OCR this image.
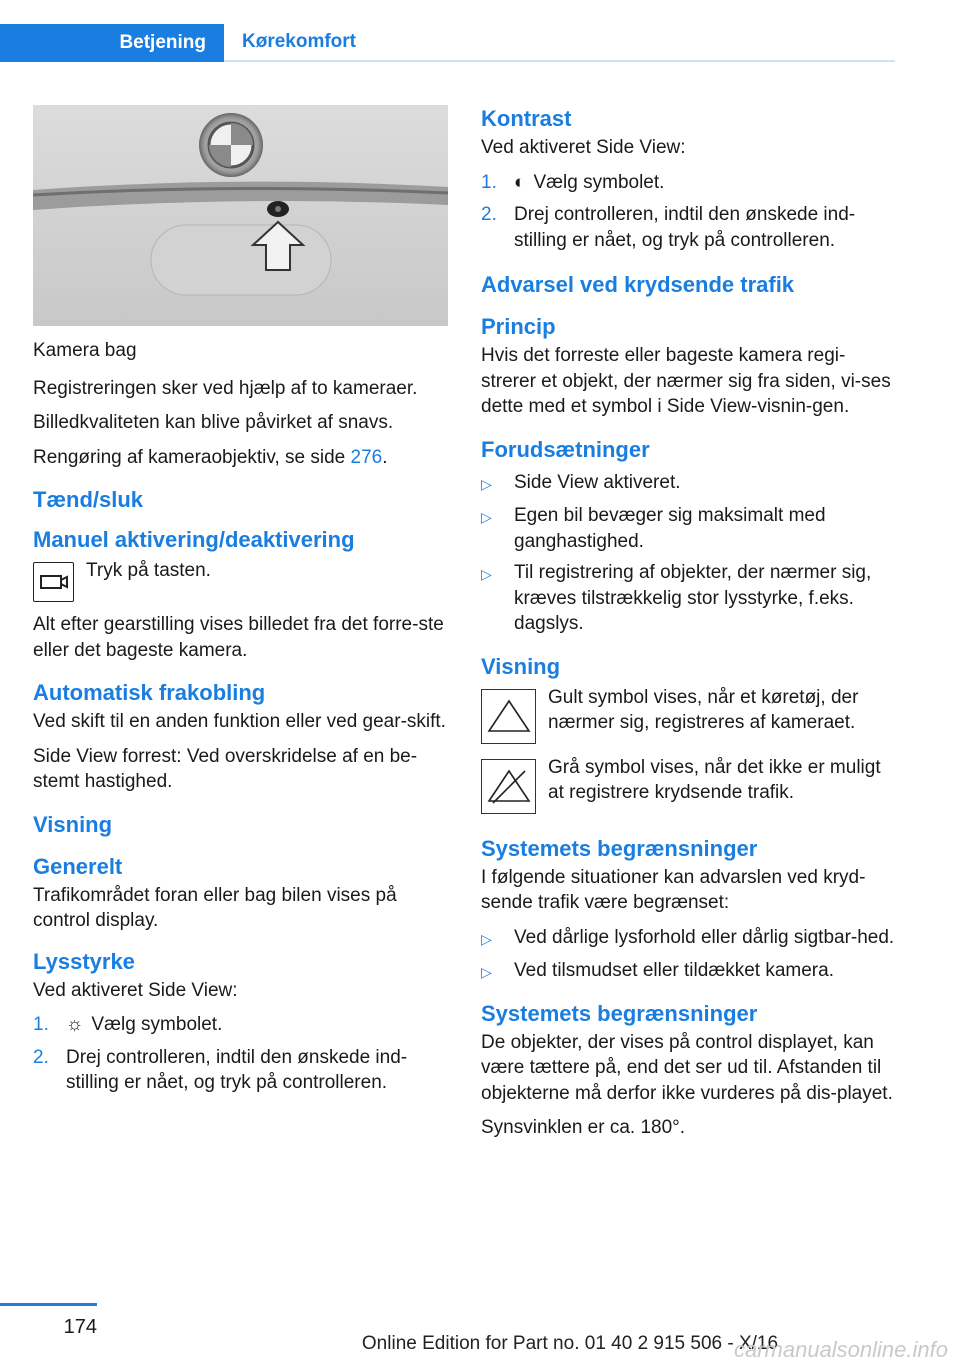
Betjening	Kørekomfort

Kamera bag

Registreringen sker ved hjælp af to kameraer.

Billedkvaliteten kan blive påvirket af snavs.

Rengøring af kameraobjektiv, se side 276.

Tænd/sluk
Manuel aktivering/deaktivering

Tryk på tasten.

Alt efter gearstilling vises billedet fra det forre‐ste eller det bageste kamera.

Automatisk frakobling

Ved skift til en anden funktion eller ved gear‐skift.

Side View forrest: Ved overskridelse af en be‐stemt hastighed.

Visning
Generelt

Trafikområdet foran eller bag bilen vises på control display.

Lysstyrke

Ved aktiveret Side View:

1. ☼ Vælg symbolet.
2. Drej controlleren, indtil den ønskede ind‐stilling er nået, og tryk på controlleren.
Kontrast

Ved aktiveret Side View:

1. ◐ Vælg symbolet.
2. Drej controlleren, indtil den ønskede ind‐stilling er nået, og tryk på controlleren.
Advarsel ved krydsende trafik
Princip

Hvis det forreste eller bageste kamera regi‐strerer et objekt, der nærmer sig fra siden, vi‐ses dette med et symbol i Side View-visnin‐gen.

Forudsætninger
▷	Side View aktiveret.
▷	Egen bil bevæger sig maksimalt med ganghastighed.
▷	Til registrering af objekter, der nærmer sig, kræves tilstrækkelig stor lysstyrke, f.eks. dagslys.
Visning

Gult symbol vises, når et køretøj, der nærmer sig, registreres af kameraet.

Grå symbol vises, når det ikke er muligt at registrere krydsende trafik.

Systemets begrænsninger

I følgende situationer kan advarslen ved kryd‐sende trafik være begrænset:

▷	Ved dårlige lysforhold eller dårlig sigtbar‐hed.
▷	Ved tilsmudset eller tildækket kamera.
Systemets begrænsninger

De objekter, der vises på control displayet, kan være tættere på, end det ser ud til. Afstanden til objekterne må derfor ikke vurderes på dis‐playet.

Synsvinklen er ca. 180°.

174
Online Edition for Part no. 01 40 2 915 506 - X/16
carmanualsonline.info
